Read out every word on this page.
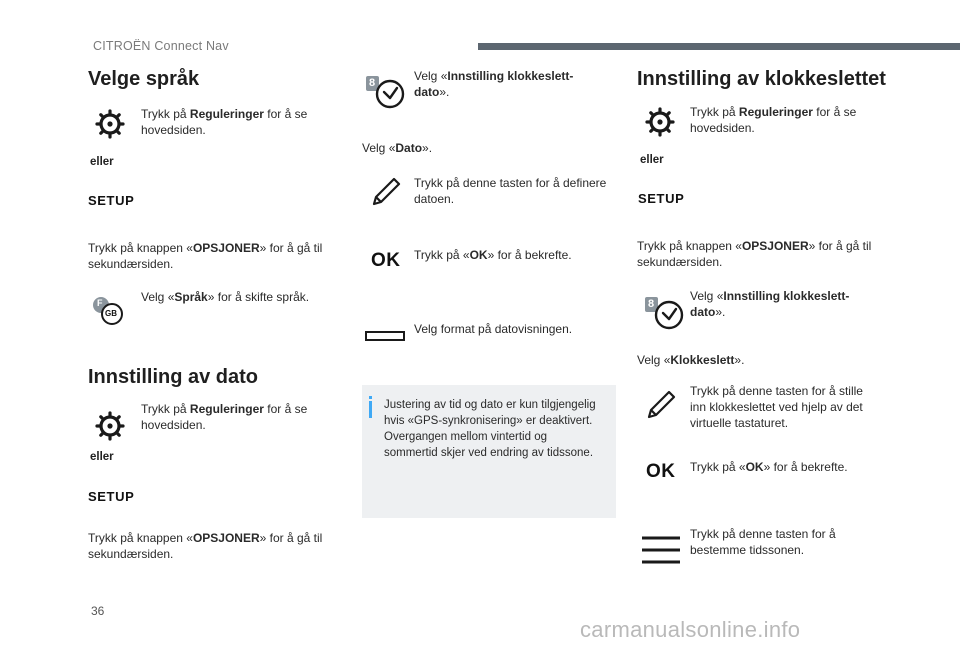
CITROËN Connect Nav
Velge språk
Trykk på Reguleringer for å se
hovedsiden.
eller
SETUP
Trykk på knappen «OPSJONER» for å gå til
sekundærsiden.
F
GB
Velg «Språk» for å skifte språk.
Innstilling av dato
Trykk på Reguleringer for å se
hovedsiden.
eller
SETUP
Trykk på knappen «OPSJONER» for å gå til
sekundærsiden.
8	Velg «Innstilling klokkeslett-
dato».
Velg «Dato».
Trykk på denne tasten for å definere
datoen.
OK Trykk på «OK» for å bekrefte.
Velg format på datovisningen.
Justering av tid og dato er kun tilgjengelig
hvis «GPS-synkronisering» er deaktivert.
Overgangen mellom vintertid og
sommertid skjer ved endring av tidssone.
Innstilling av klokkeslettet
Trykk på Reguleringer for å se
hovedsiden.
eller
SETUP
Trykk på knappen «OPSJONER» for å gå til
sekundærsiden.
8
Velg «Innstilling klokkeslett-
dato».
Velg «Klokkeslett».
Trykk på denne tasten for å stille
inn klokkeslettet ved hjelp av det
virtuelle tastaturet.
OK Trykk på «OK» for å bekrefte.
Trykk på denne tasten for å
bestemme tidssonen.
36
carmanualsonline.info
